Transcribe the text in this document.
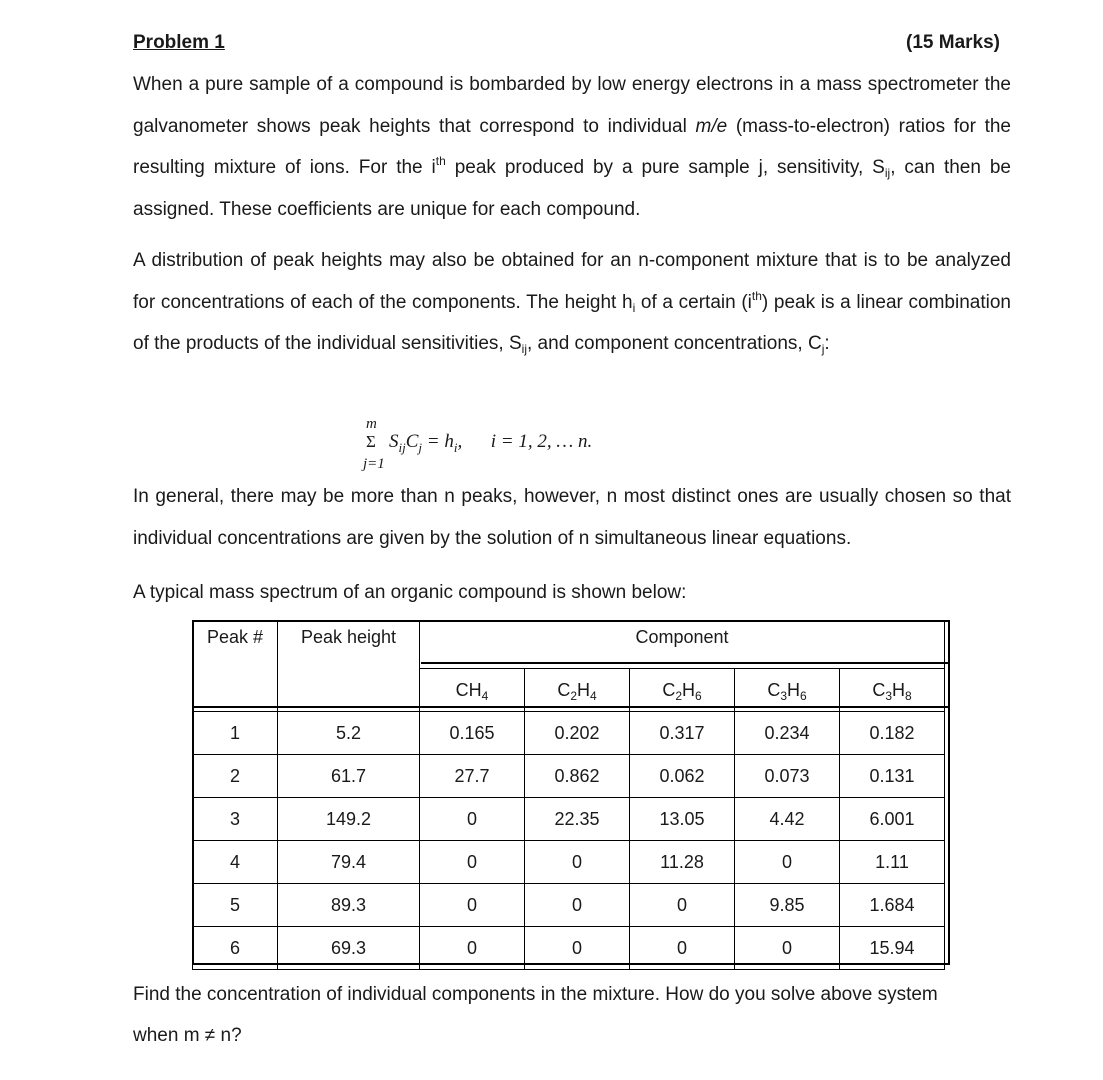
Problem 1	(15 Marks)

When a pure sample of a compound is bombarded by low energy electrons in a mass spectrometer the galvanometer shows peak heights that correspond to individual m/e (mass-to-electron) ratios for the resulting mixture of ions. For the $i^{th}$ peak produced by a pure sample j, sensitivity, $S_{ij}$, can then be assigned. These coefficients are unique for each compound.

A distribution of peak heights may also be obtained for an n-component mixture that is to be analyzed for concentrations of each of the components. The height $h_i$ of a certain $(i^{th})$ peak is a linear combination of the products of the individual sensitivities, $S_{ij}$, and component concentrations, $C_j$:

m
Σ
j=1
$S_{ij}C_j = h_i$,      i = 1, 2, … n.

In general, there may be more than n peaks, however, n most distinct ones are usually chosen so that individual concentrations are given by the solution of n simultaneous linear equations.

A typical mass spectrum of an organic compound is shown below:
Peak #	Peak height	Component				
		$CH_4$	$C_2H_4$	$C_2H_6$	$C_3H_6$	$C_3H_8$
1	5.2	0.165	0.202	0.317	0.234	0.182
2	61.7	27.7	0.862	0.062	0.073	0.131
3	149.2	0	22.35	13.05	4.42	6.001
4	79.4	0	0	11.28	0	1.11
5	89.3	0	0	0	9.85	1.684
6	69.3	0	0	0	0	15.94
Find the concentration of individual components in the mixture. How do you solve above system
when m ≠ n?
